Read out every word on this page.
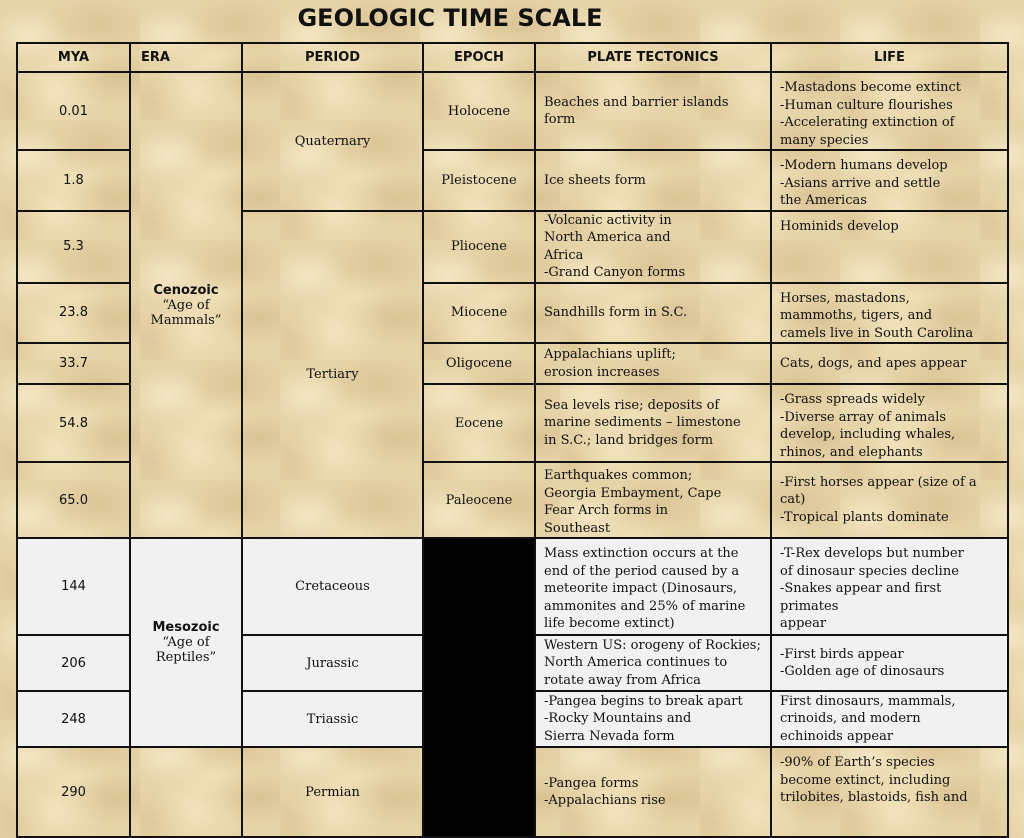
GEOLOGIC TIME SCALE
MYA	ERA	PERIOD	EPOCH	PLATE TECTONICS	LIFE
0.01	Cenozoic
“Age of
Mammals”	Quaternary	Holocene	Beaches and barrier islands form	-Mastadons become extinct
-Human culture flourishes
-Accelerating extinction of
many species

1.8			Pleistocene	Ice sheets form	-Modern humans develop
-Asians arrive and settle
the Americas

5.3		Tertiary	Pliocene	-Volcanic activity in
North America and
Africa
-Grand Canyon forms	Hominids develop

23.8			Miocene	Sandhills form in S.C.	Horses, mastadons,
mammoths, tigers, and
camels live in South Carolina

33.7			Oligocene	Appalachians uplift;
erosion increases	Cats, dogs, and apes appear

54.8			Eocene	Sea levels rise; deposits of
marine sediments – limestone
in S.C.; land bridges form	-Grass spreads widely
-Diverse array of animals
develop, including whales,
rhinos, and elephants

65.0			Paleocene	Earthquakes common;
Georgia Embayment, Cape
Fear Arch forms in
Southeast	-First horses appear (size of a cat)
-Tropical plants dominate

144	Mesozoic
“Age of
Reptiles”	Cretaceous		Mass extinction occurs at the
end of the period caused by a
meteorite impact (Dinosaurs,
ammonites and 25% of marine
life become extinct)	-T-Rex develops but number
of dinosaur species decline
-Snakes appear and first
primates
appear

206		Jurassic		Western US: orogeny of Rockies;
North America continues to
rotate away from Africa	-First birds appear
-Golden age of dinosaurs

248		Triassic		-Pangea begins to break apart
-Rocky Mountains and
Sierra Nevada form	First dinosaurs, mammals,
crinoids, and modern
echinoids appear

290		Permian		-Pangea forms
-Appalachians rise	-90% of Earth’s species
become extinct, including
trilobites, blastoids, fish and
